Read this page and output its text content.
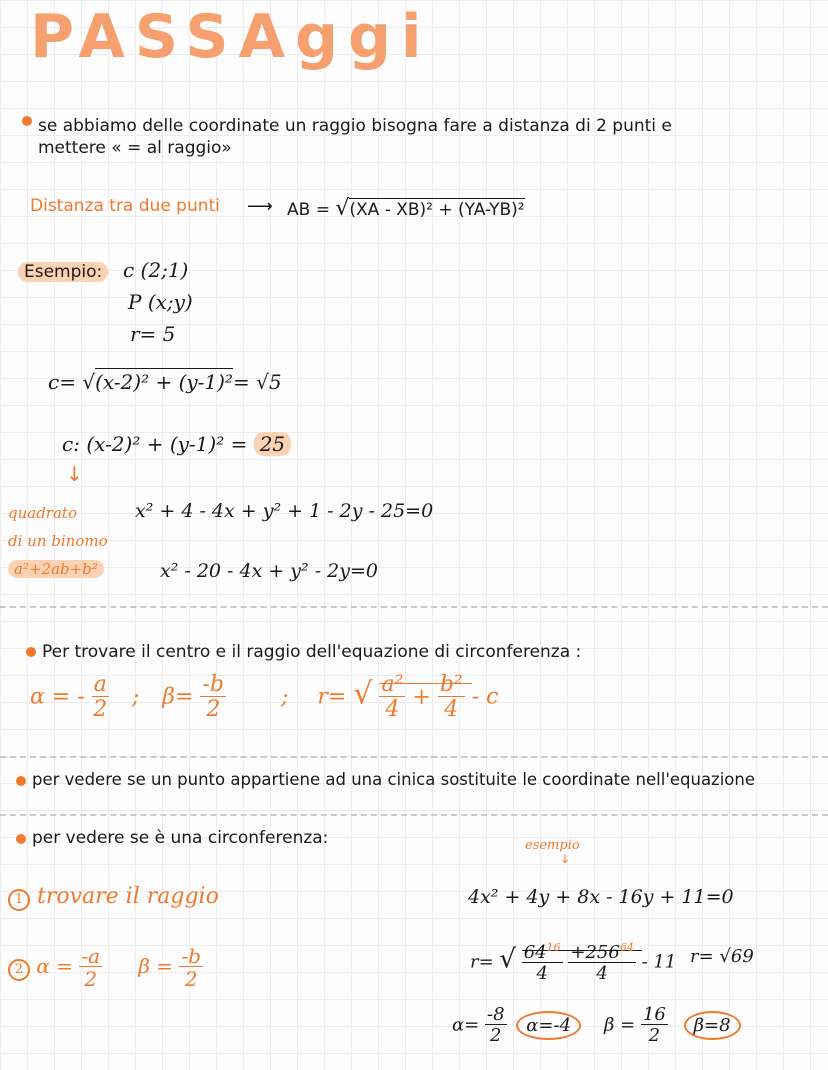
PASSAggi
se abbiamo delle coordinate un raggio bisogna fare a distanza di 2 punti e
mettere « = al raggio»
Distanza tra due punti ⟶ AB = √(XA - XB)² + (YA-YB)²
Esempio:	c (2;1)
P (x;y)
r= 5
c= √(x-2)² + (y-1)²= √5
c: (x-2)² + (y-1)² = 25
↓
quadrato
di un binomo
a²+2ab+b²
x² + 4 - 4x + y² + 1 - 2y - 25=0
x² - 20 - 4x + y² - 2y=0
Per trovare il centro e il raggio dell'equazione di circonferenza :
α = - $\frac{a}{2}$ ; $\beta= \frac{-b}{2}$	; r= √ $\frac{\text{a²}}{4} + \frac{\text{b²}}{4} - c$
per vedere se un punto appartiene ad una cinica sostituite le coordinate nell'equazione
per vedere se è una circonferenza:	esempio
↓
1 trovare il raggio
2 $\alpha = \frac{-a}{2}$ $\beta = \frac{-b}{2}$
4x² + 4y + 8x - 16y + 11=0
r= √ $\frac{64^{16}}{4}$
$\frac{+256^{64}}{4} - 11$ r= √69
$\alpha= \frac{-8}{2} \alpha=-4$	$\beta = \frac{16}{2} \beta=8$
